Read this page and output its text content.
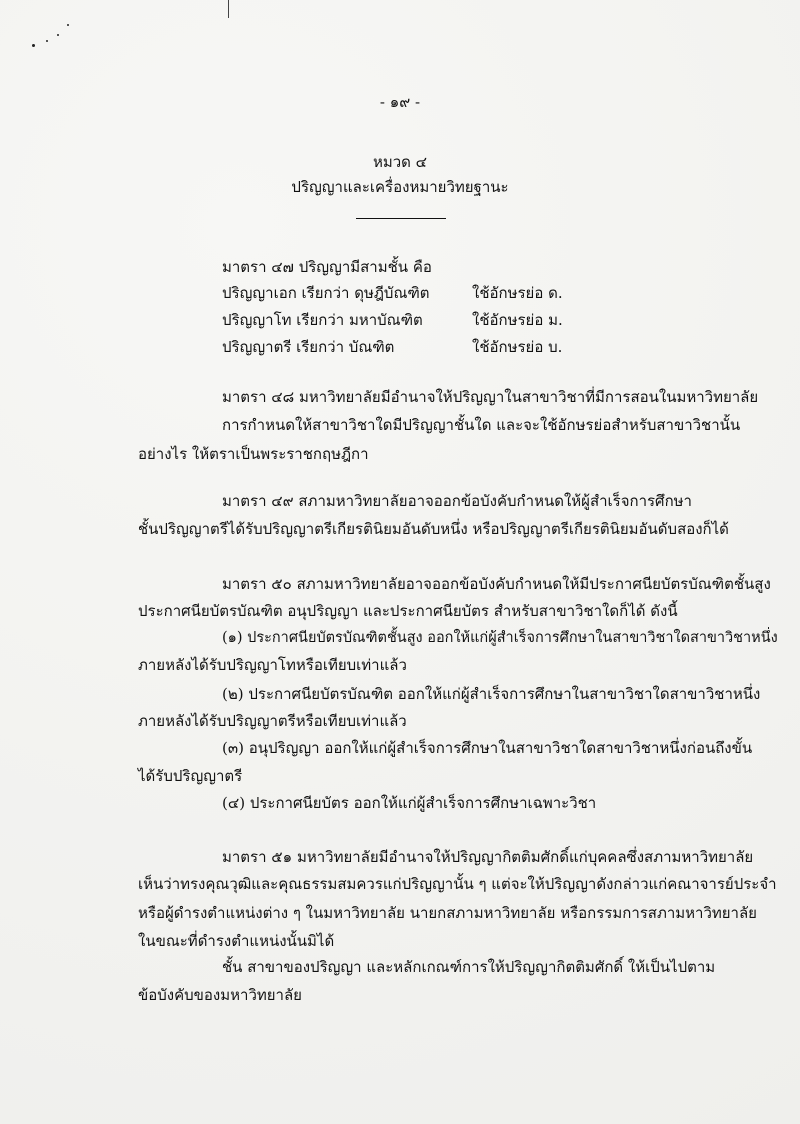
- ๑๙ -
หมวด ๔
ปริญญาและเครื่องหมายวิทยฐานะ
มาตรา ๔๗ ปริญญามีสามชั้น คือ
ปริญญาเอก เรียกว่า ดุษฎีบัณฑิต	ใช้อักษรย่อ ด.
ปริญญาโท เรียกว่า มหาบัณฑิต	ใช้อักษรย่อ ม.
ปริญญาตรี เรียกว่า บัณฑิต	ใช้อักษรย่อ บ.
มาตรา ๔๘ มหาวิทยาลัยมีอำนาจให้ปริญญาในสาขาวิชาที่มีการสอนในมหาวิทยาลัย
การกำหนดให้สาขาวิชาใดมีปริญญาชั้นใด และจะใช้อักษรย่อสำหรับสาขาวิชานั้น
อย่างไร ให้ตราเป็นพระราชกฤษฎีกา
มาตรา ๔๙ สภามหาวิทยาลัยอาจออกข้อบังคับกำหนดให้ผู้สำเร็จการศึกษา
ชั้นปริญญาตรีได้รับปริญญาตรีเกียรตินิยมอันดับหนึ่ง หรือปริญญาตรีเกียรตินิยมอันดับสองก็ได้
มาตรา ๕๐ สภามหาวิทยาลัยอาจออกข้อบังคับกำหนดให้มีประกาศนียบัตรบัณฑิตชั้นสูง
ประกาศนียบัตรบัณฑิต อนุปริญญา และประกาศนียบัตร สำหรับสาขาวิชาใดก็ได้ ดังนี้
(๑) ประกาศนียบัตรบัณฑิตชั้นสูง ออกให้แก่ผู้สำเร็จการศึกษาในสาขาวิชาใดสาขาวิชาหนึ่ง
ภายหลังได้รับปริญญาโทหรือเทียบเท่าแล้ว
(๒) ประกาศนียบัตรบัณฑิต ออกให้แก่ผู้สำเร็จการศึกษาในสาขาวิชาใดสาขาวิชาหนึ่ง
ภายหลังได้รับปริญญาตรีหรือเทียบเท่าแล้ว
(๓) อนุปริญญา ออกให้แก่ผู้สำเร็จการศึกษาในสาขาวิชาใดสาขาวิชาหนึ่งก่อนถึงขั้น
ได้รับปริญญาตรี
(๔) ประกาศนียบัตร ออกให้แก่ผู้สำเร็จการศึกษาเฉพาะวิชา
มาตรา ๕๑ มหาวิทยาลัยมีอำนาจให้ปริญญากิตติมศักดิ์แก่บุคคลซึ่งสภามหาวิทยาลัย
เห็นว่าทรงคุณวุฒิและคุณธรรมสมควรแก่ปริญญานั้น ๆ แต่จะให้ปริญญาดังกล่าวแก่คณาจารย์ประจำ
หรือผู้ดำรงตำแหน่งต่าง ๆ ในมหาวิทยาลัย นายกสภามหาวิทยาลัย หรือกรรมการสภามหาวิทยาลัย
ในขณะที่ดำรงตำแหน่งนั้นมิได้
ชั้น สาขาของปริญญา และหลักเกณฑ์การให้ปริญญากิตติมศักดิ์ ให้เป็นไปตาม
ข้อบังคับของมหาวิทยาลัย
